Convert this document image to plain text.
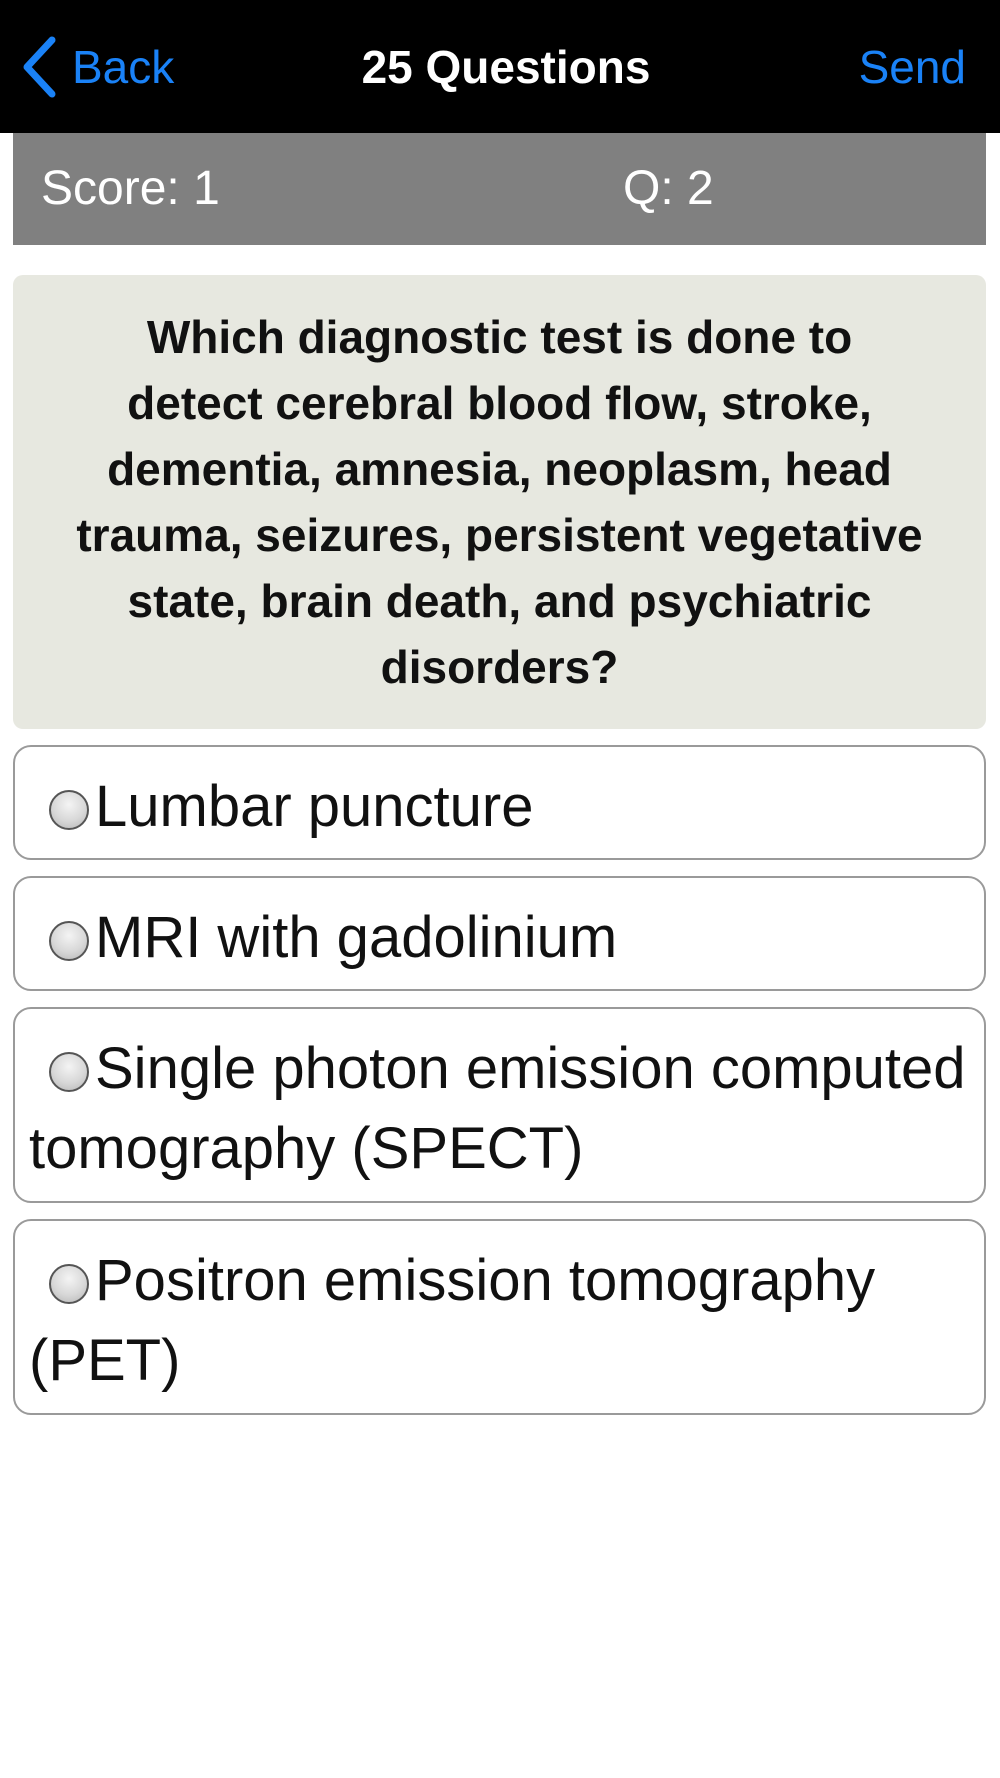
Back	25 Questions	Send
Score: 1	Q: 2

Which diagnostic test is done to detect cerebral blood flow, stroke, dementia, amnesia, neoplasm, head trauma, seizures, persistent vegetative state, brain death, and psychiatric disorders?

Lumbar puncture
MRI with gadolinium
Single photon emission computed tomography (SPECT)
Positron emission tomography (PET)
